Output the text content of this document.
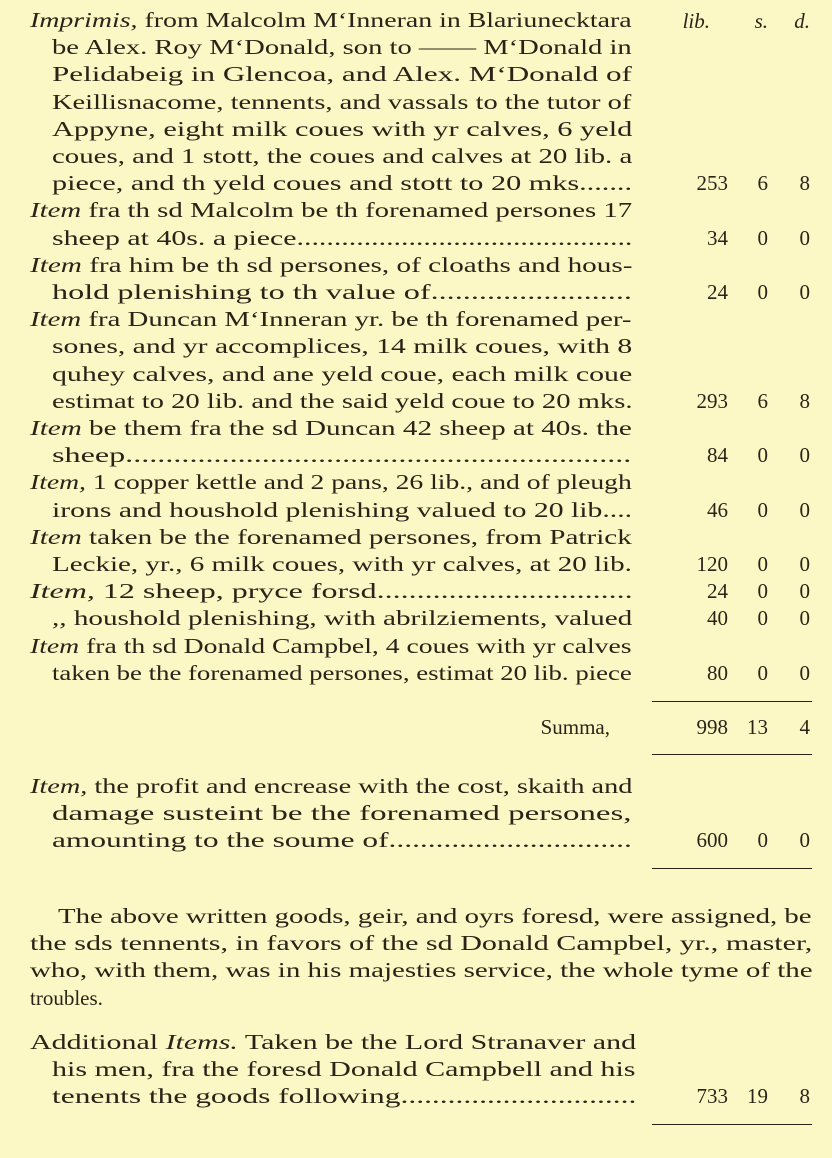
lib.	s.	d.
Imprimis, from Malcolm M‘Inneran in Blariunecktara
be Alex. Roy M‘Donald, son to —— M‘Donald in
Pelidabeig in Glencoa, and Alex. M‘Donald of
Keillisnacome, tennents, and vassals to the tutor of
Appyne, eight milk coues with yr calves, 6 yeld
coues, and 1 stott, the coues and calves at 20 lib. a
piece, and th yeld coues and stott to 20 mks.......	253	6	8
Item fra th sd Malcolm be th forenamed persones 17
sheep at 40s. a piece.............................................	34	0	0
Item fra him be th sd persones, of cloaths and hous-
hold plenishing to th value of.........................	24	0	0
Item fra Duncan M‘Inneran yr. be th forenamed per-
sones, and yr accomplices, 14 milk coues, with 8
quhey calves, and ane yeld coue, each milk coue
estimat to 20 lib. and the said yeld coue to 20 mks.	293	6	8
Item be them fra the sd Duncan 42 sheep at 40s. the
sheep...............................................................	84	0	0
Item, 1 copper kettle and 2 pans, 26 lib., and of pleugh
irons and houshold plenishing valued to 20 lib....	46	0	0
Item taken be the forenamed persones, from Patrick
Leckie, yr., 6 milk coues, with yr calves, at 20 lib.	120	0	0
Item, 12 sheep, pryce forsd................................	24	0	0
,, houshold plenishing, with abrilziements, valued	40	0	0
Item fra th sd Donald Campbel, 4 coues with yr calves
taken be the forenamed persones, estimat 20 lib. piece	80	0	0
Summa,	998 13	4
Item, the profit and encrease with the cost, skaith and
damage susteint be the forenamed persones,
amounting to the soume of...............................	600	0	0
The above written goods, geir, and oyrs foresd, were assigned, be
the sds tennents, in favors of the sd Donald Campbel, yr., master,
who, with them, was in his majesties service, the whole tyme of the
troubles.
Additional Items. Taken be the Lord Stranaver and
his men, fra the foresd Donald Campbell and his
tenents the goods following..............................	733 19	8
